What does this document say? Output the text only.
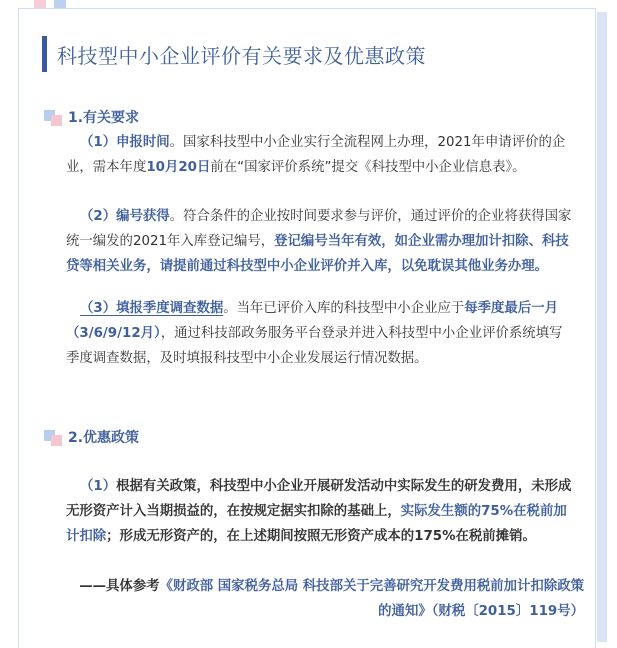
科技型中小企业评价有关要求及优惠政策
1.有关要求
（1）申报时间。国家科技型中小企业实行全流程网上办理，2021年申请评价的企业，需本年度10月20日前在“国家评价系统”提交《科技型中小企业信息表》。
（2）编号获得。符合条件的企业按时间要求参与评价，通过评价的企业将获得国家统一编发的2021年入库登记编号，登记编号当年有效，如企业需办理加计扣除、科技贷等相关业务，请提前通过科技型中小企业评价并入库，以免耽误其他业务办理。
（3）填报季度调查数据。当年已评价入库的科技型中小企业应于每季度最后一月（3/6/9/12月），通过科技部政务服务平台登录并进入科技型中小企业评价系统填写季度调查数据，及时填报科技型中小企业发展运行情况数据。
2.优惠政策
（1）根据有关政策，科技型中小企业开展研发活动中实际发生的研发费用，未形成无形资产计入当期损益的，在按规定据实扣除的基础上，实际发生额的75%在税前加计扣除；形成无形资产的，在上述期间按照无形资产成本的175%在税前摊销。
——具体参考《财政部 国家税务总局 科技部关于完善研究开发费用税前加计扣除政策的通知》（财税〔2015〕119号）
